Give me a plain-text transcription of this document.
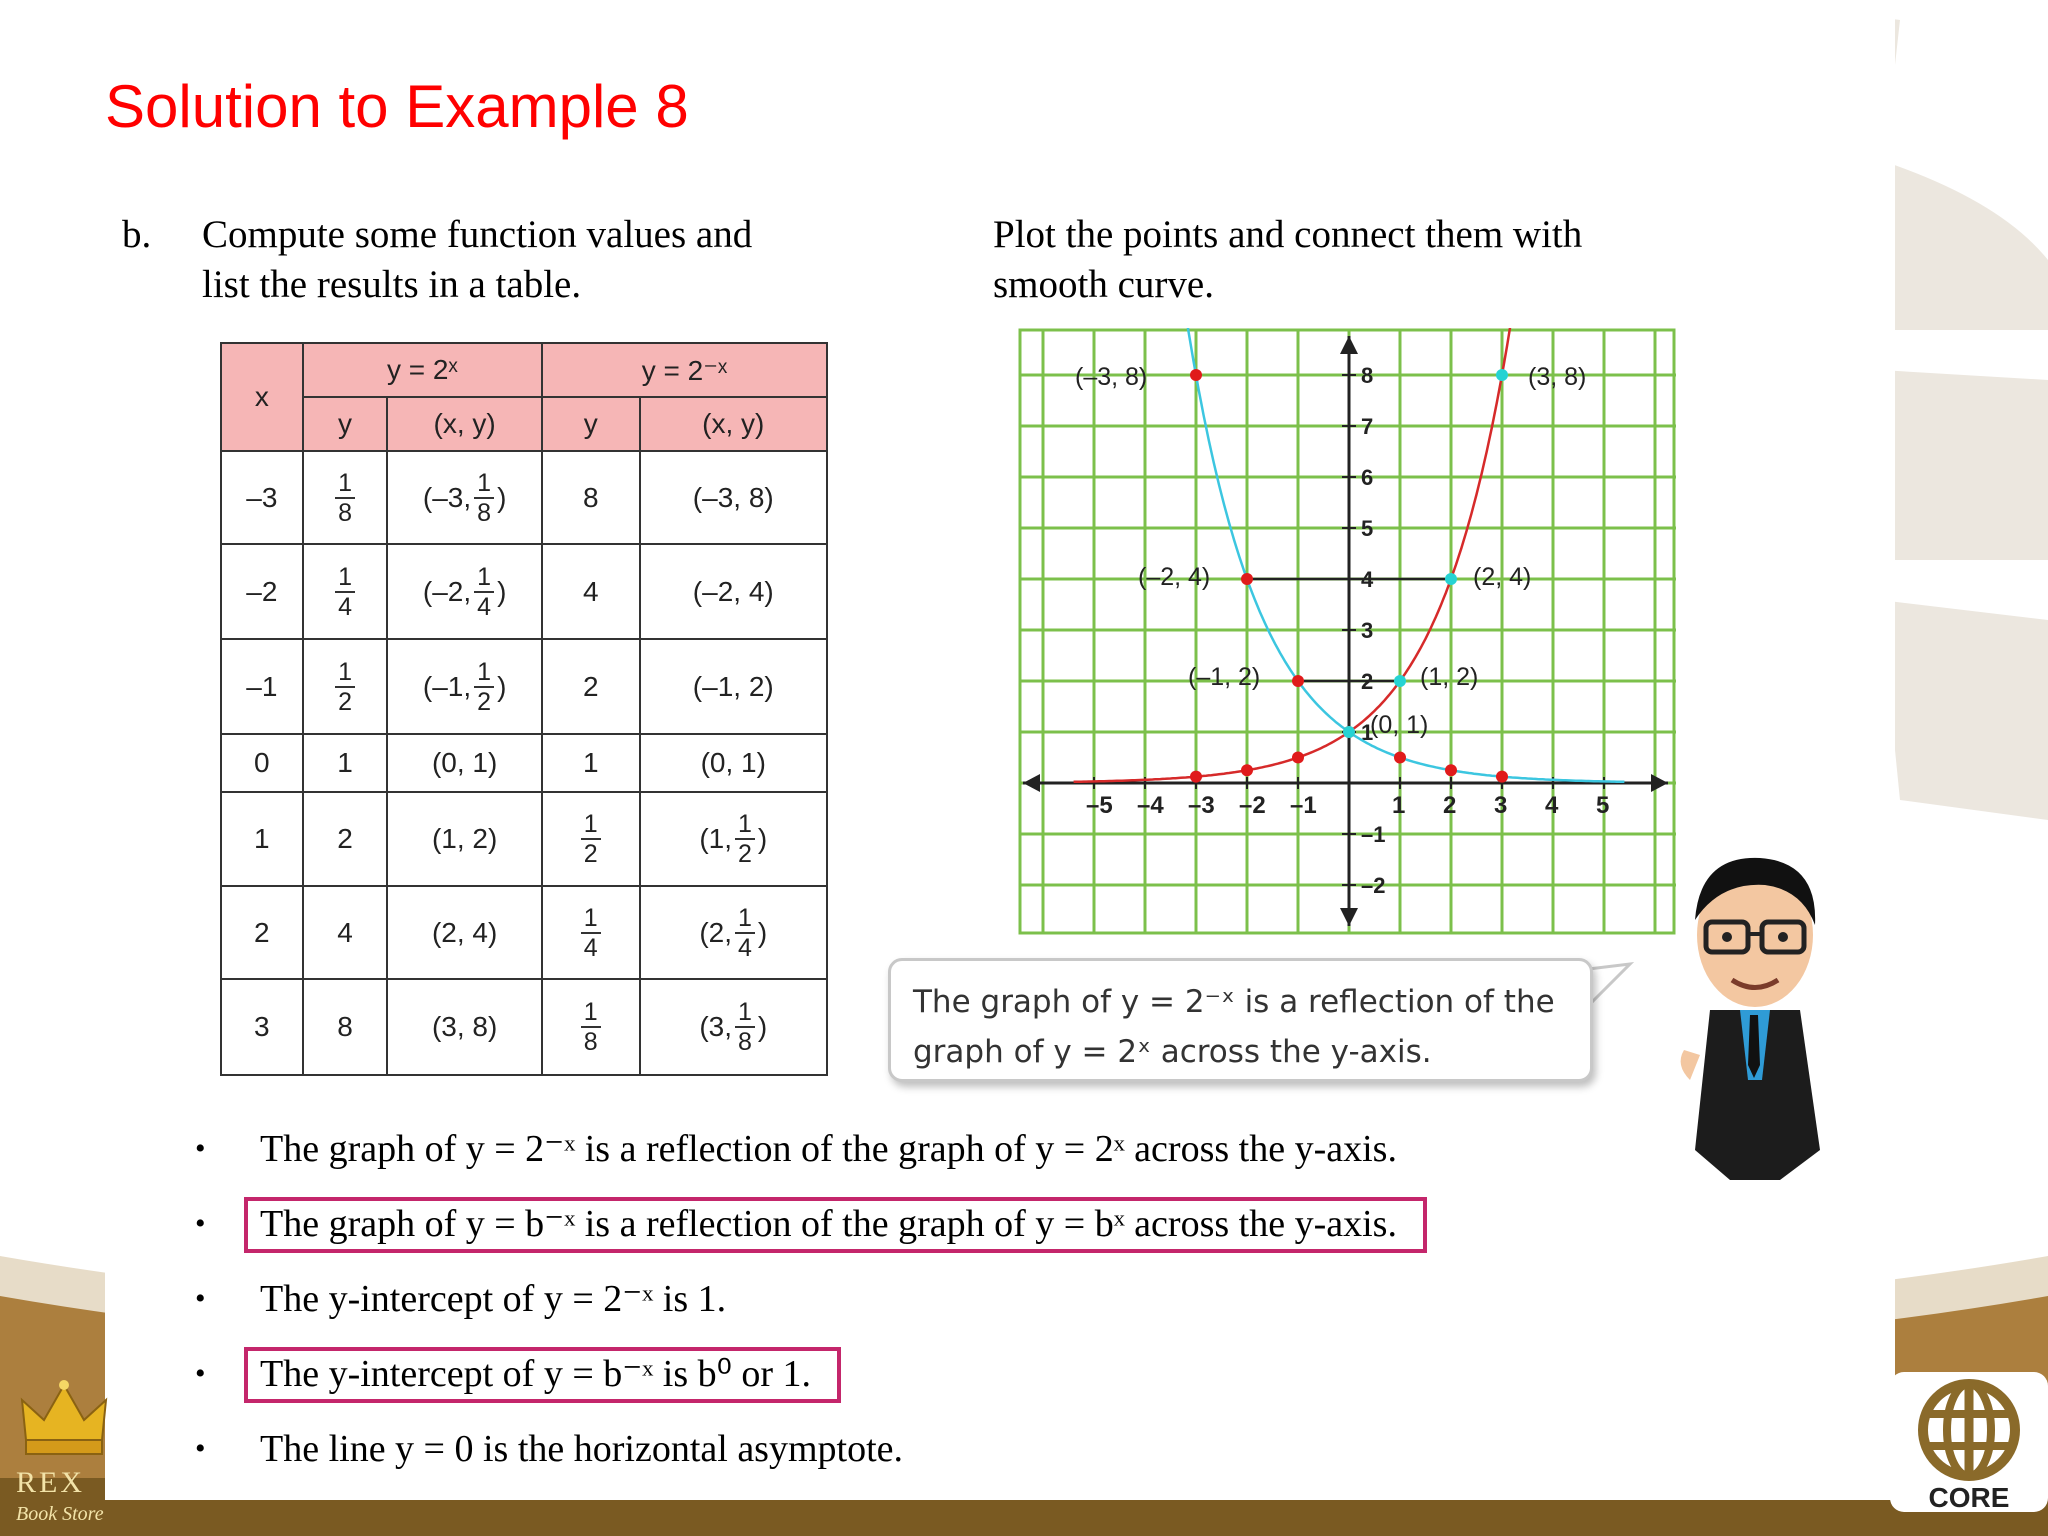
Solution to Example 8
b. Compute some function values and
list the results in a table.
Plot the points and connect them with
smooth curve.
x	y = 2ˣ		y = 2⁻ˣ	
	y	(x, y)	y	(x, y)
–3	$\frac{1}{8}$	(–3, $\frac{1}{8}$ )	8	(–3, 8)
–2	$\frac{1}{4}$	(–2, $\frac{1}{4}$ )	4	(–2, 4)
–1	$\frac{1}{2}$	(–1, $\frac{1}{2}$ )	2	(–1, 2)
0	1	(0, 1)	1	(0, 1)
1	2	(1, 2)	$\frac{1}{2}$	(1, $\frac{1}{2}$ )

2	4	(2, 4)	$\frac{1}{4}$	(2, $\frac{1}{4}$ )

3	8	(3, 8)	$\frac{1}{8}$	(3, $\frac{1}{8}$ )
–5 –4 –3 –2 –1	1 2 3 4 5
8
7
6
5
4
3
2
1
–1
–2
(–3, 8)	(3, 8)
(–2, 4)	(2, 4)
(–1, 2)	(1, 2)
(0, 1)
The graph of y = 2⁻ˣ is a reflection of the
graph of y = 2ˣ across the y-axis.
• The graph of y = 2⁻ˣ is a reflection of the graph of y = 2ˣ across the y-axis.
• The graph of y = b⁻ˣ is a reflection of the graph of y = bˣ across the y-axis.
• The y-intercept of y = 2⁻ˣ is 1.
• The y-intercept of y = b⁻ˣ is b⁰ or 1.
• The line y = 0 is the horizontal asymptote.
REX
Book Store
CORE
